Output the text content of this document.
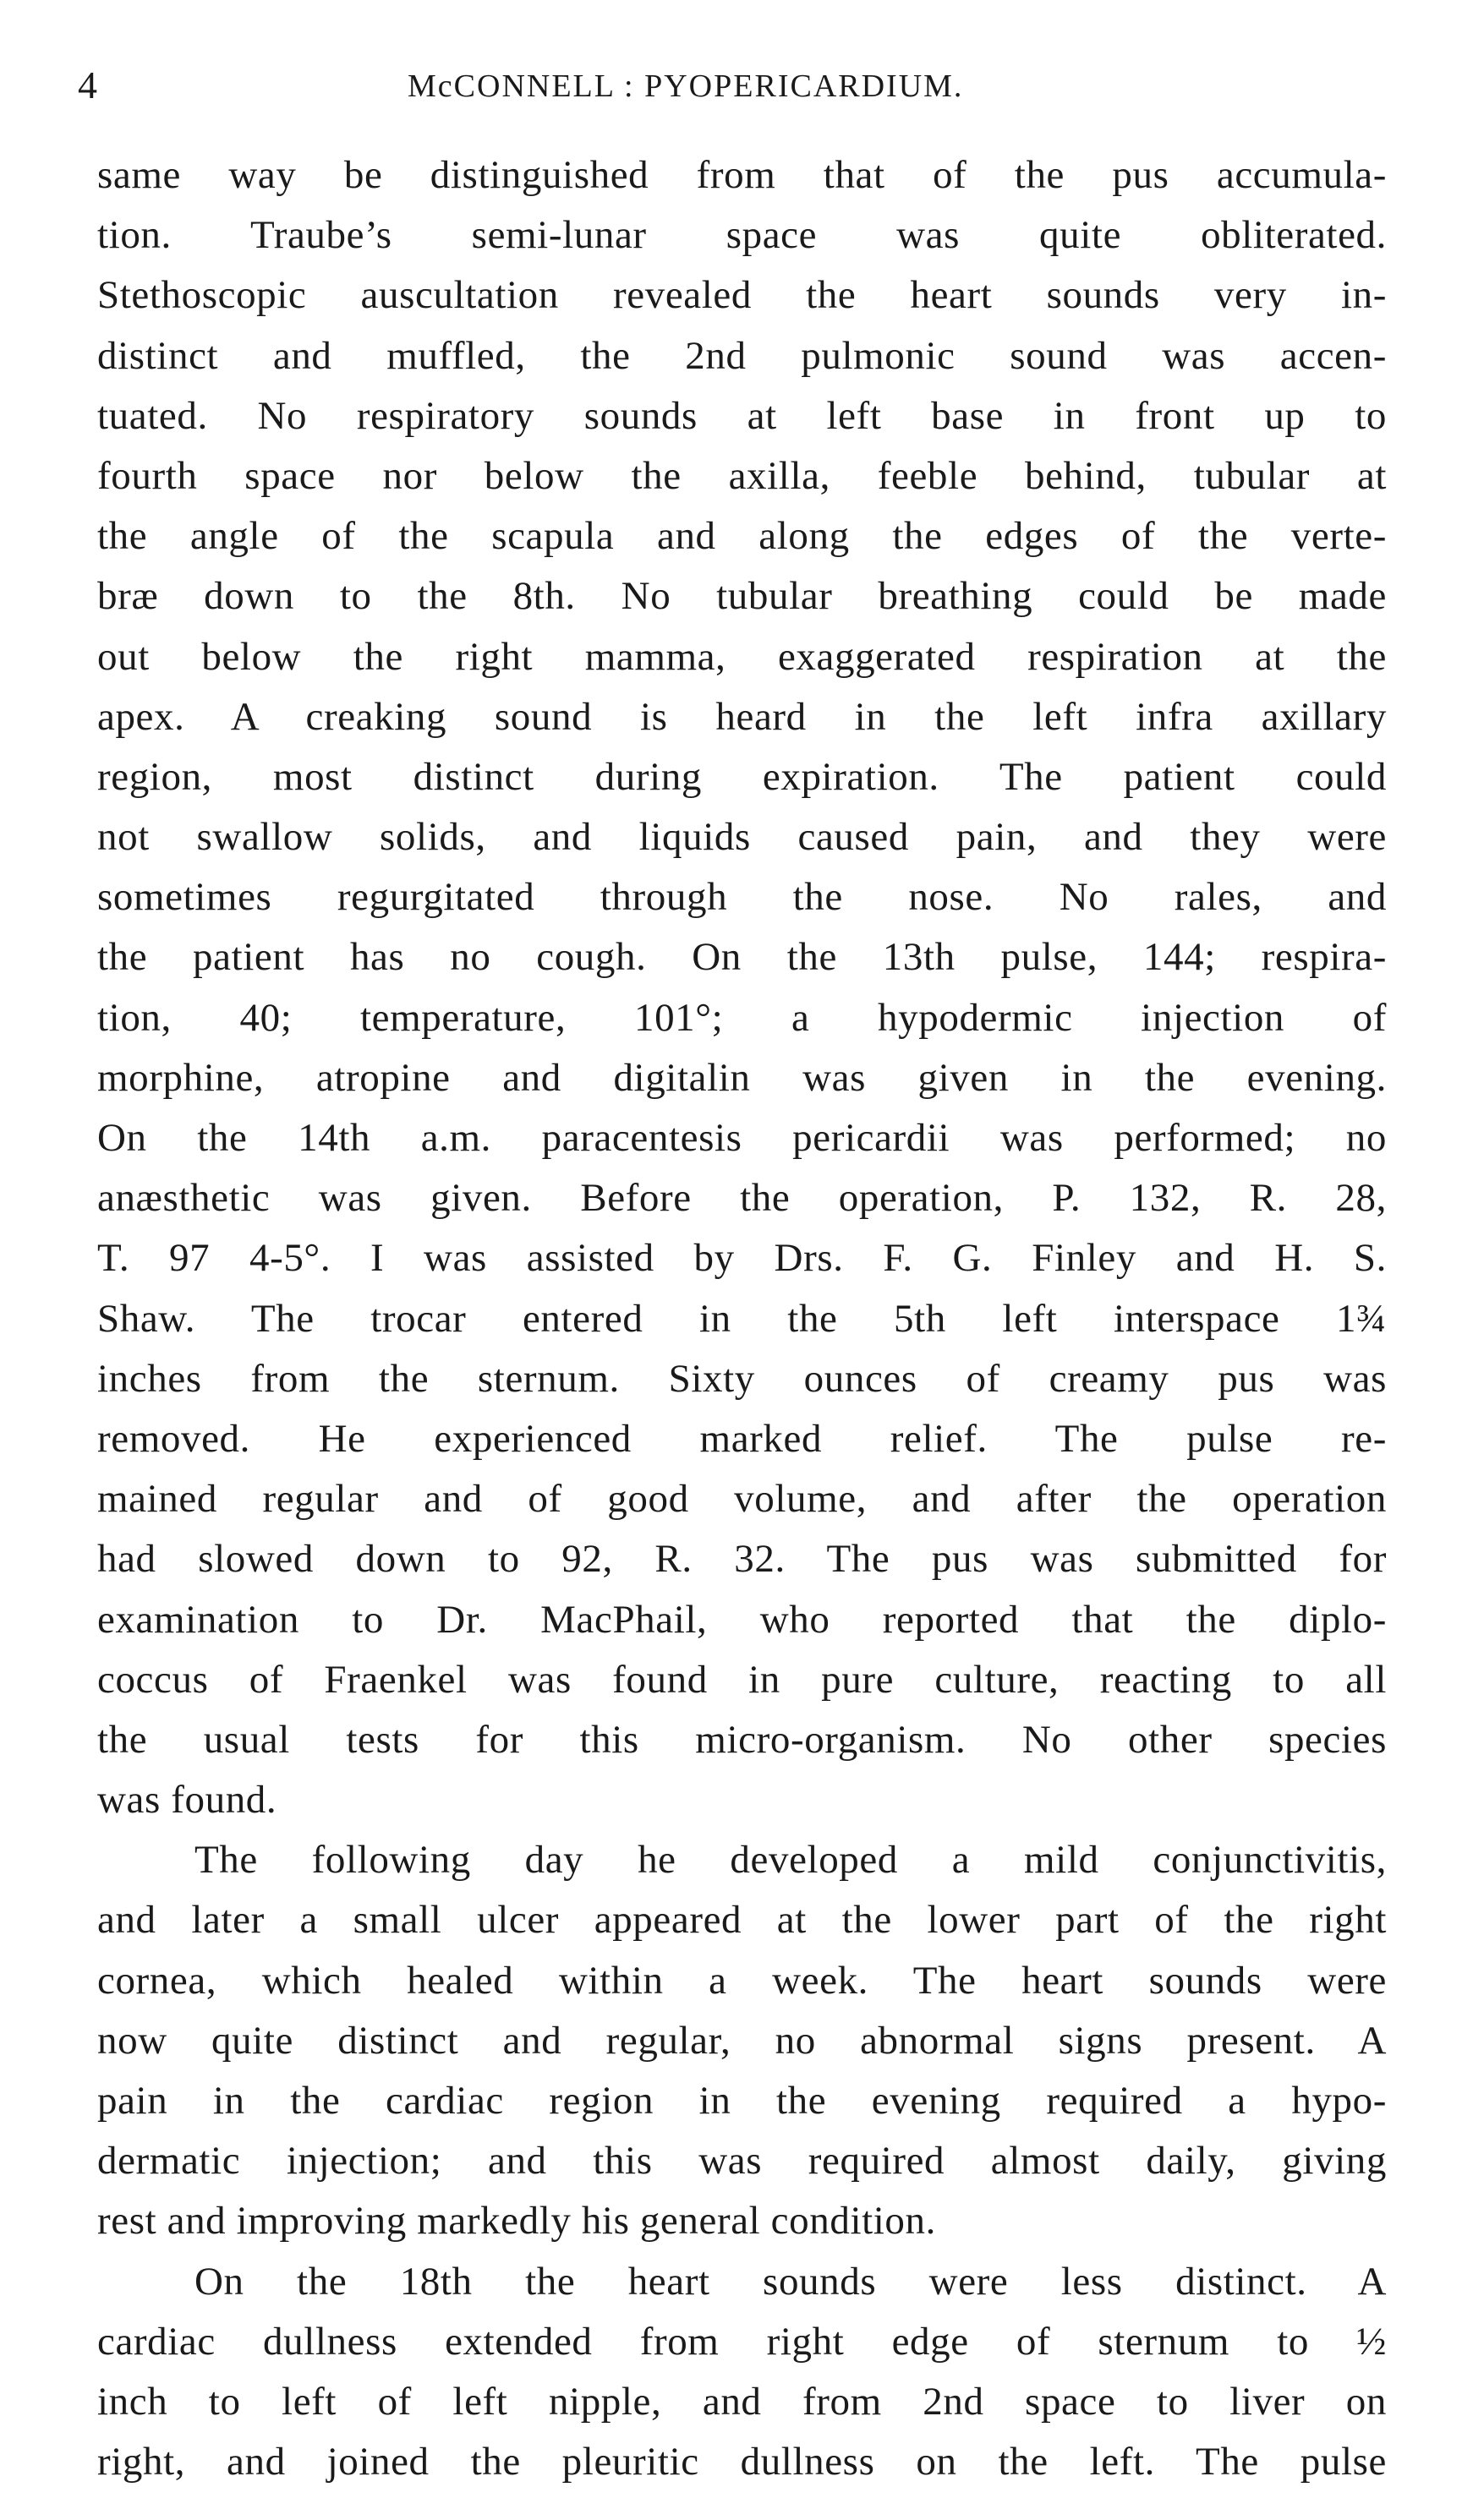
4	McCONNELL : PYOPERICARDIUM.
same way be distinguished from that of the pus accumula-
tion. Traube’s semi-lunar space was quite obliterated.
Stethoscopic auscultation revealed the heart sounds very in-
distinct and muffled, the 2nd pulmonic sound was accen-
tuated. No respiratory sounds at left base in front up to
fourth space nor below the axilla, feeble behind, tubular at
the angle of the scapula and along the edges of the verte-
bræ down to the 8th. No tubular breathing could be made
out below the right mamma, exaggerated respiration at the
apex. A creaking sound is heard in the left infra axillary
region, most distinct during expiration. The patient could
not swallow solids, and liquids caused pain, and they were
sometimes regurgitated through the nose. No rales, and
the patient has no cough. On the 13th pulse, 144; respira-
tion, 40; temperature, 101°; a hypodermic injection of
morphine, atropine and digitalin was given in the evening.
On the 14th a.m. paracentesis pericardii was performed; no
anæsthetic was given. Before the operation, P. 132, R. 28,
T. 97 4-5°. I was assisted by Drs. F. G. Finley and H. S.
Shaw. The trocar entered in the 5th left interspace 1¾
inches from the sternum. Sixty ounces of creamy pus was
removed. He experienced marked relief. The pulse re-
mained regular and of good volume, and after the operation
had slowed down to 92, R. 32. The pus was submitted for
examination to Dr. MacPhail, who reported that the diplo-
coccus of Fraenkel was found in pure culture, reacting to all
the usual tests for this micro-organism. No other species
was found.
The following day he developed a mild conjunctivitis,
and later a small ulcer appeared at the lower part of the right
cornea, which healed within a week. The heart sounds were
now quite distinct and regular, no abnormal signs present. A
pain in the cardiac region in the evening required a hypo-
dermatic injection; and this was required almost daily, giving
rest and improving markedly his general condition.
On the 18th the heart sounds were less distinct. A
cardiac dullness extended from right edge of sternum to ½
inch to left of left nipple, and from 2nd space to liver on
right, and joined the pleuritic dullness on the left. The pulse
